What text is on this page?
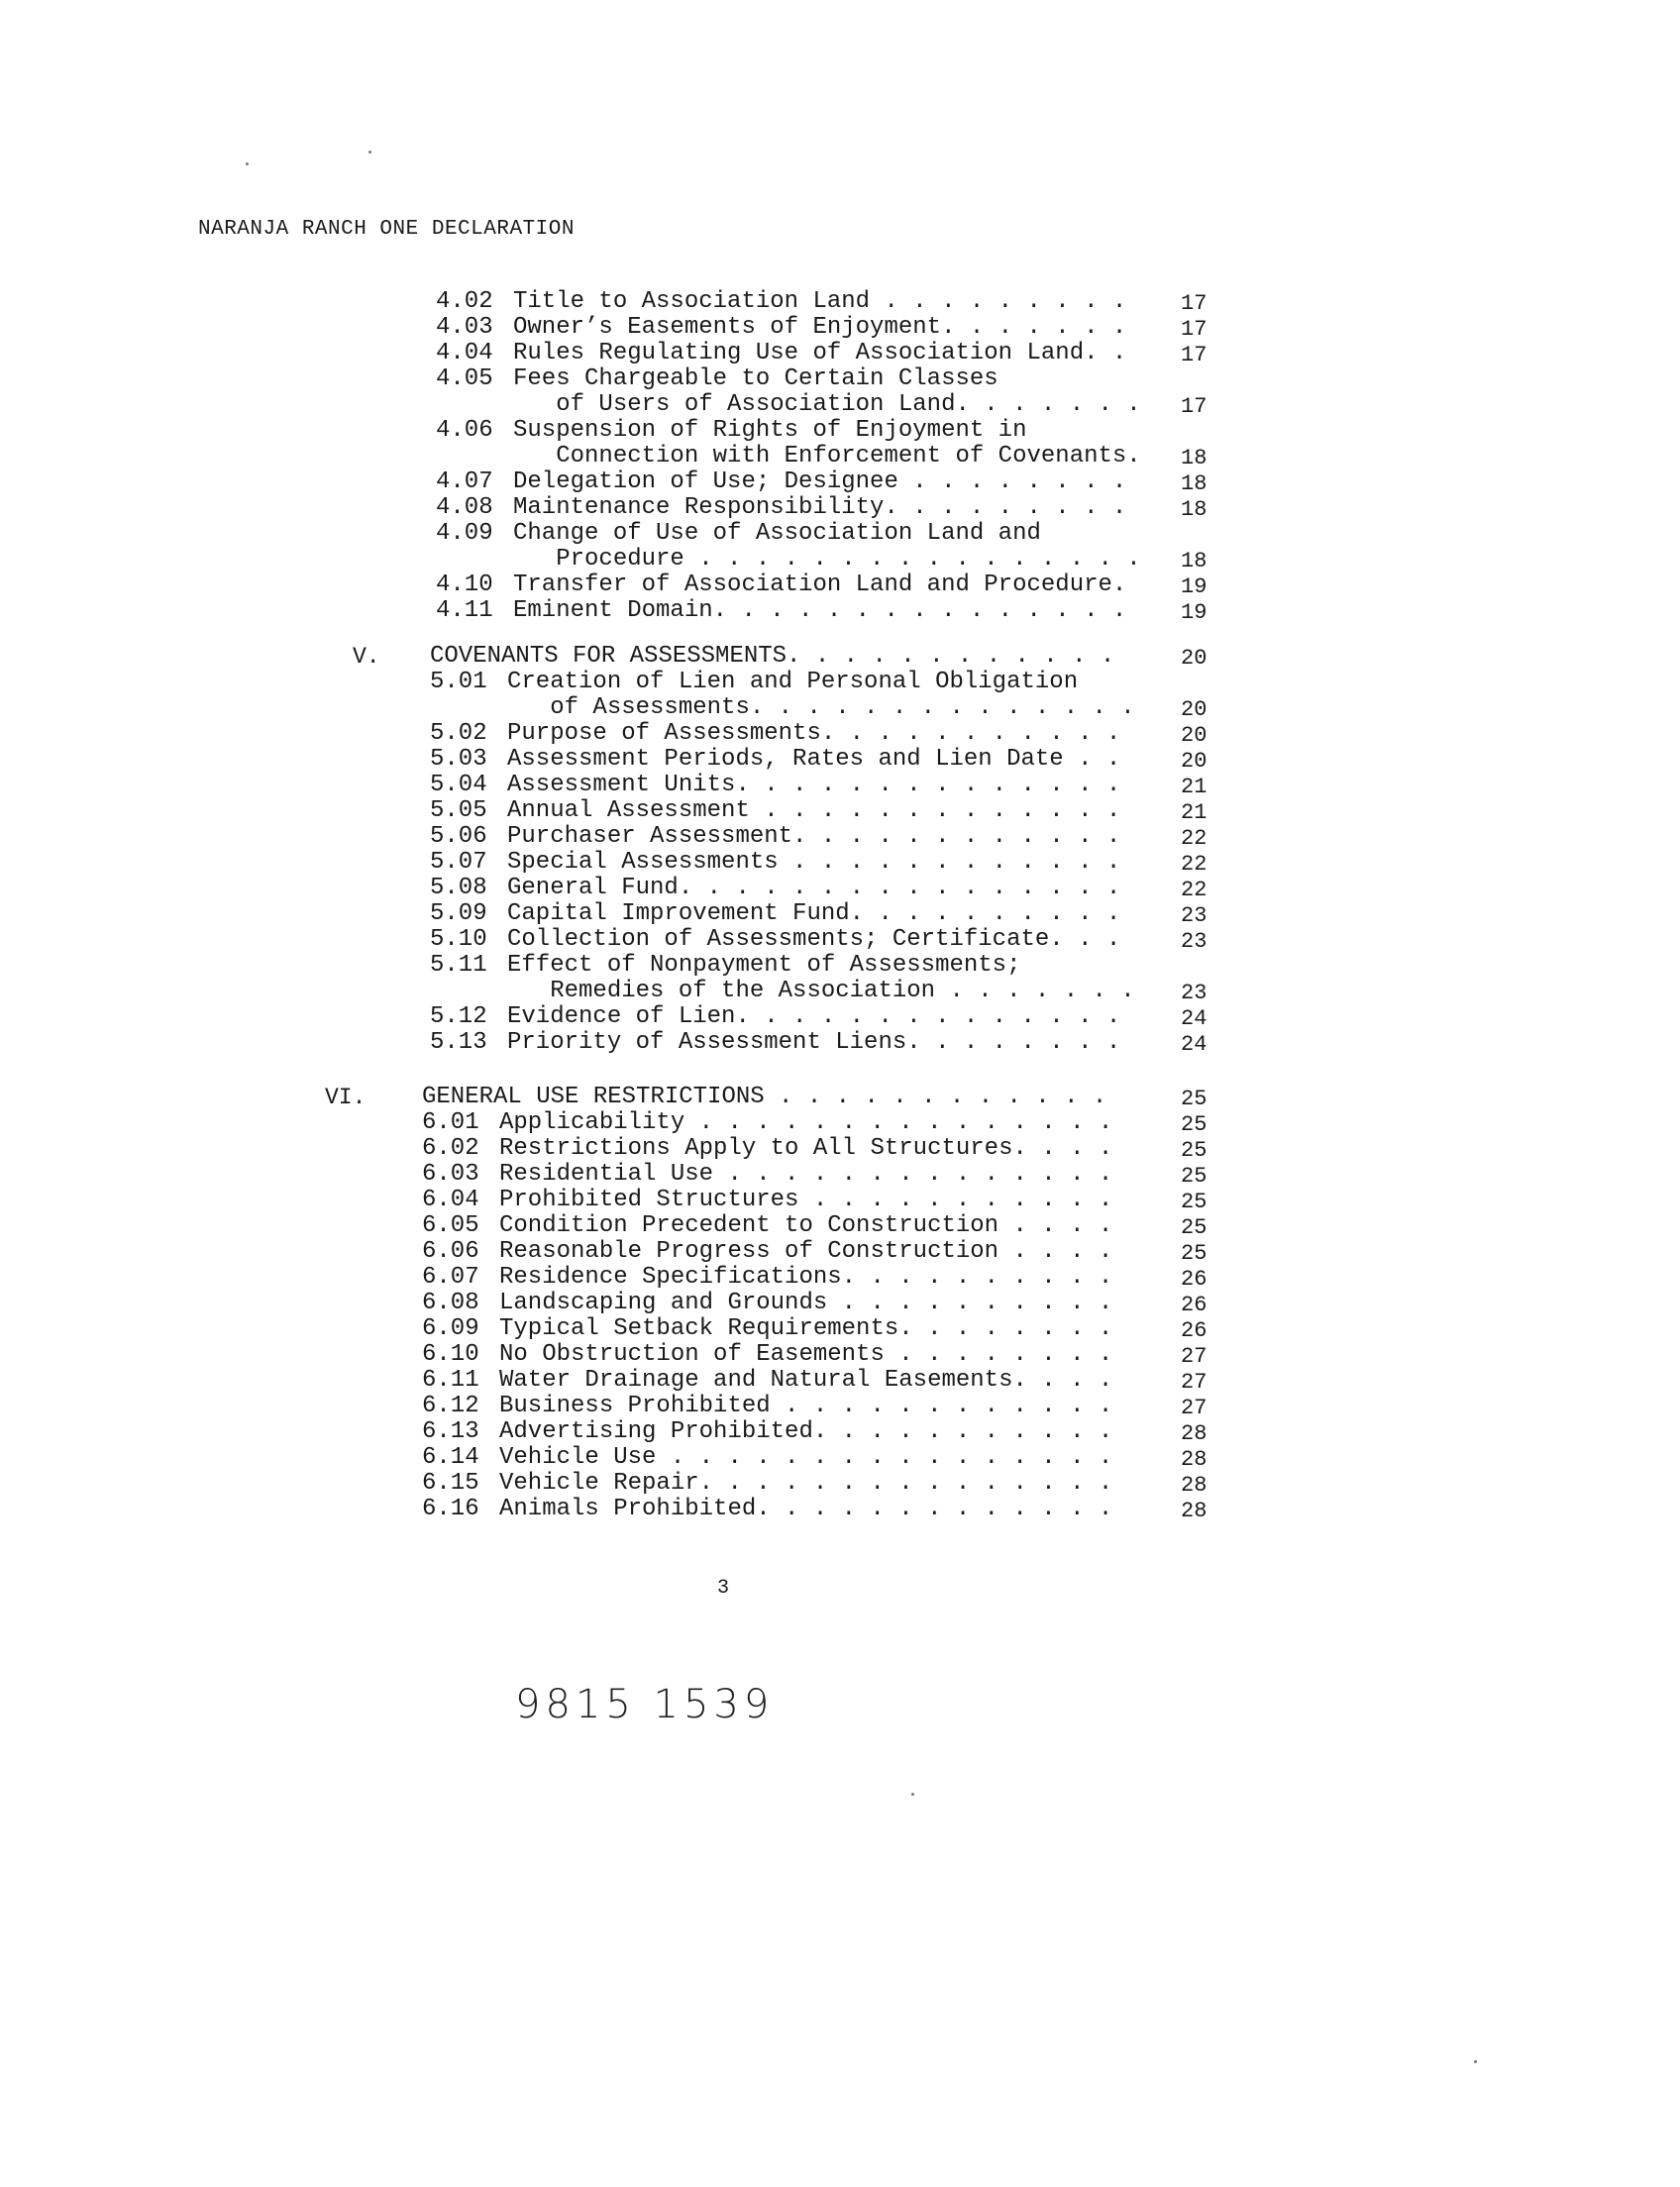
NARANJA RANCH ONE DECLARATION
4.02 Title to Association Land . . . . . . . . . 17
4.03 Owner’s Easements of Enjoyment. . . . . . . 17
4.04 Rules Regulating Use of Association Land. . 17
4.05 Fees Chargeable to Certain Classes
of Users of Association Land. . . . . . . 17
4.06 Suspension of Rights of Enjoyment in
Connection with Enforcement of Covenants. 18
4.07 Delegation of Use; Designee . . . . . . . . 18
4.08 Maintenance Responsibility. . . . . . . . . 18
4.09 Change of Use of Association Land and
Procedure . . . . . . . . . . . . . . . . 18
4.10 Transfer of Association Land and Procedure. 19
4.11 Eminent Domain. . . . . . . . . . . . . . . 19
V. COVENANTS FOR ASSESSMENTS. . . . . . . . . . . .	20
5.01 Creation of Lien and Personal Obligation
of Assessments. . . . . . . . . . . . . . 20
5.02 Purpose of Assessments. . . . . . . . . . .	20
5.03 Assessment Periods, Rates and Lien Date . .	20
5.04 Assessment Units. . . . . . . . . . . . . .	21
5.05 Annual Assessment . . . . . . . . . . . . .	21
5.06 Purchaser Assessment. . . . . . . . . . . .	22
5.07 Special Assessments . . . . . . . . . . . .	22
5.08 General Fund. . . . . . . . . . . . . . . .	22
5.09 Capital Improvement Fund. . . . . . . . . .	23
5.10 Collection of Assessments; Certificate. . .	23
5.11 Effect of Nonpayment of Assessments;
Remedies of the Association . . . . . . . 23
5.12 Evidence of Lien. . . . . . . . . . . . . .	24
5.13 Priority of Assessment Liens. . . . . . . .	24
VI. GENERAL USE RESTRICTIONS . . . . . . . . . . . .	25
6.01 Applicability . . . . . . . . . . . . . . .	25
6.02 Restrictions Apply to All Structures. . . .	25
6.03 Residential Use . . . . . . . . . . . . . .	25
6.04 Prohibited Structures . . . . . . . . . . .	25
6.05 Condition Precedent to Construction . . . .	25
6.06 Reasonable Progress of Construction . . . .	25
6.07 Residence Specifications. . . . . . . . . .	26
6.08 Landscaping and Grounds . . . . . . . . . .	26
6.09 Typical Setback Requirements. . . . . . . .	26
6.10 No Obstruction of Easements . . . . . . . .	27
6.11 Water Drainage and Natural Easements. . . .	27
6.12 Business Prohibited . . . . . . . . . . . .	27
6.13 Advertising Prohibited. . . . . . . . . . .	28
6.14 Vehicle Use . . . . . . . . . . . . . . . .	28
6.15 Vehicle Repair. . . . . . . . . . . . . . .	28
6.16 Animals Prohibited. . . . . . . . . . . . .	28
3
9815 1539
